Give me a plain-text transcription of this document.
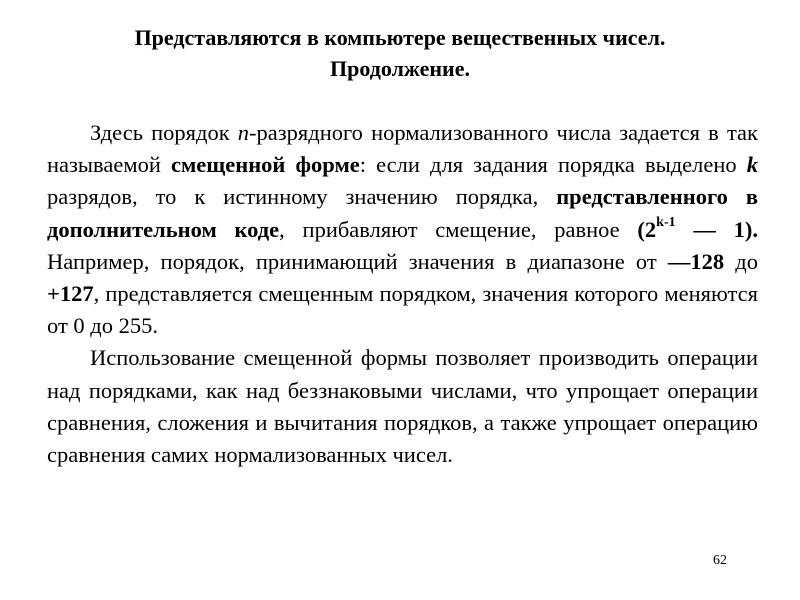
Представляются в компьютере вещественных чисел.
Продолжение.

Здесь порядок n-разрядного нормализованного числа задается в так называемой смещенной форме: если для задания порядка выделено k разрядов, то к истинному значению порядка, представленного в дополнительном коде, прибавляют смещение, равное (2$^{k-1}$ — 1). Например, порядок, принимающий значения в диапазоне от —128 до +127, представляется смещенным порядком, значения которого меняются от 0 до 255.

Использование смещенной формы позволяет производить операции над порядками, как над беззнаковыми числами, что упрощает операции сравнения, сложения и вычитания порядков, а также упрощает операцию сравнения самих нормализованных чисел.

62
